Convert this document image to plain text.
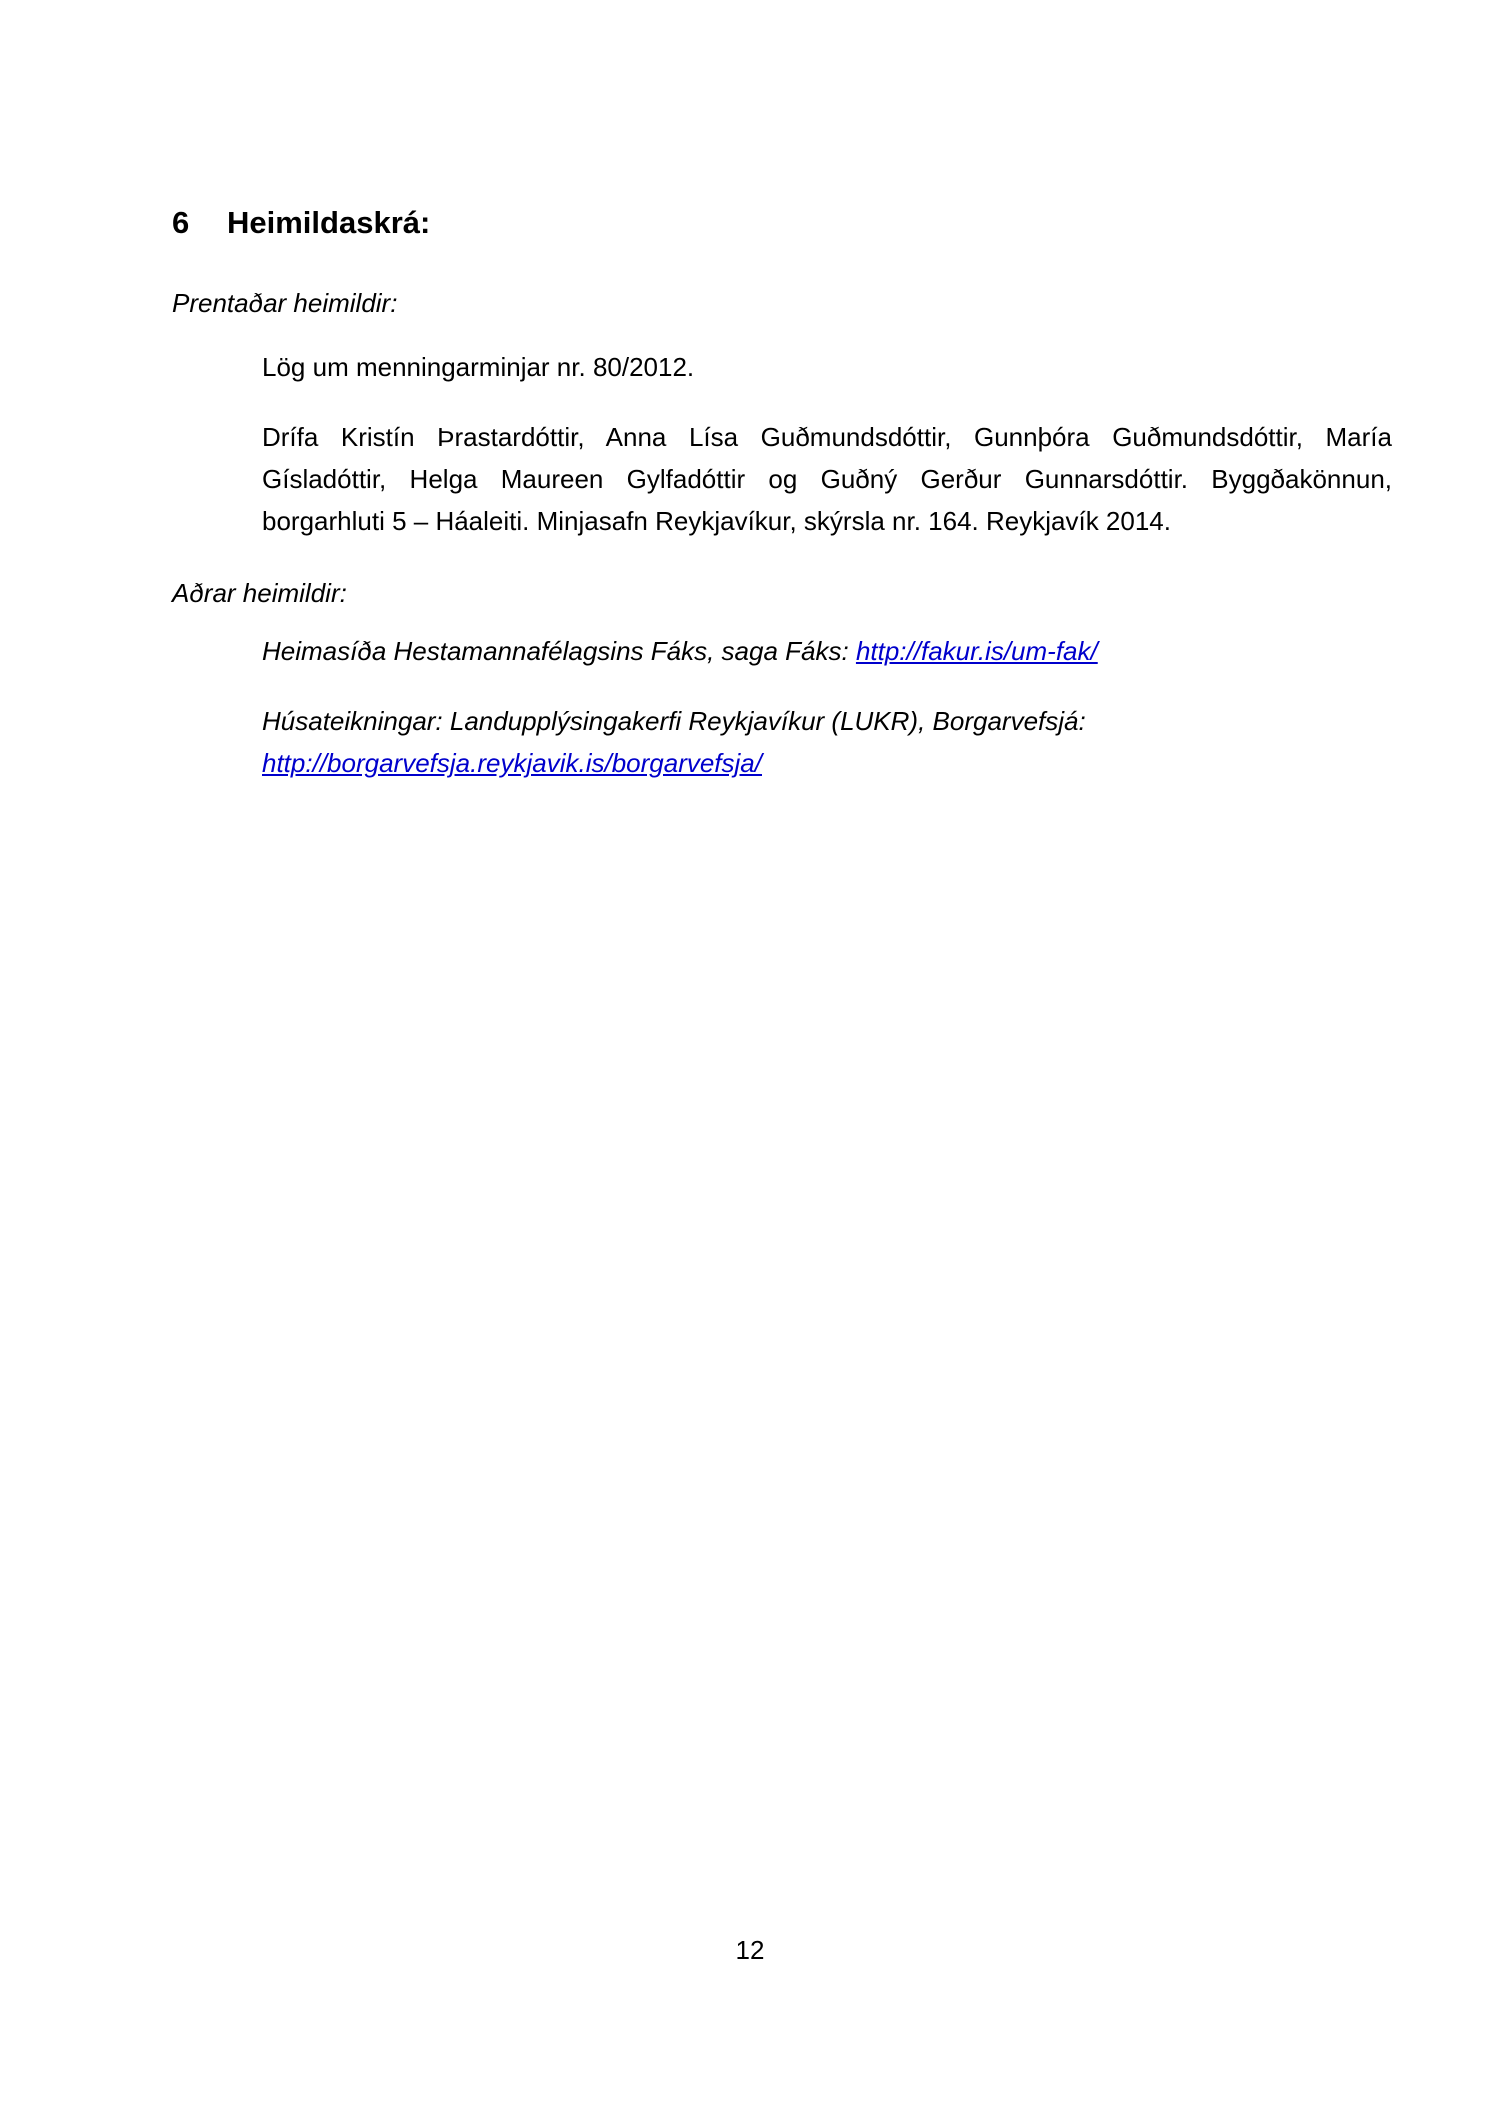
6	Heimildaskrá:
Prentaðar heimildir:
Lög um menningarminjar nr. 80/2012.
Drífa Kristín Þrastardóttir, Anna Lísa Guðmundsdóttir, Gunnþóra Guðmundsdóttir, María Gísladóttir, Helga Maureen Gylfadóttir og Guðný Gerður Gunnarsdóttir. Byggðakönnun, borgarhluti 5 – Háaleiti. Minjasafn Reykjavíkur, skýrsla nr. 164. Reykjavík 2014.
Aðrar heimildir:
Heimasíða Hestamannafélagsins Fáks, saga Fáks: http://fakur.is/um-fak/
Húsateikningar: Landupplýsingakerfi Reykjavíkur (LUKR), Borgarvefsjá:
http://borgarvefsja.reykjavik.is/borgarvefsja/
12
